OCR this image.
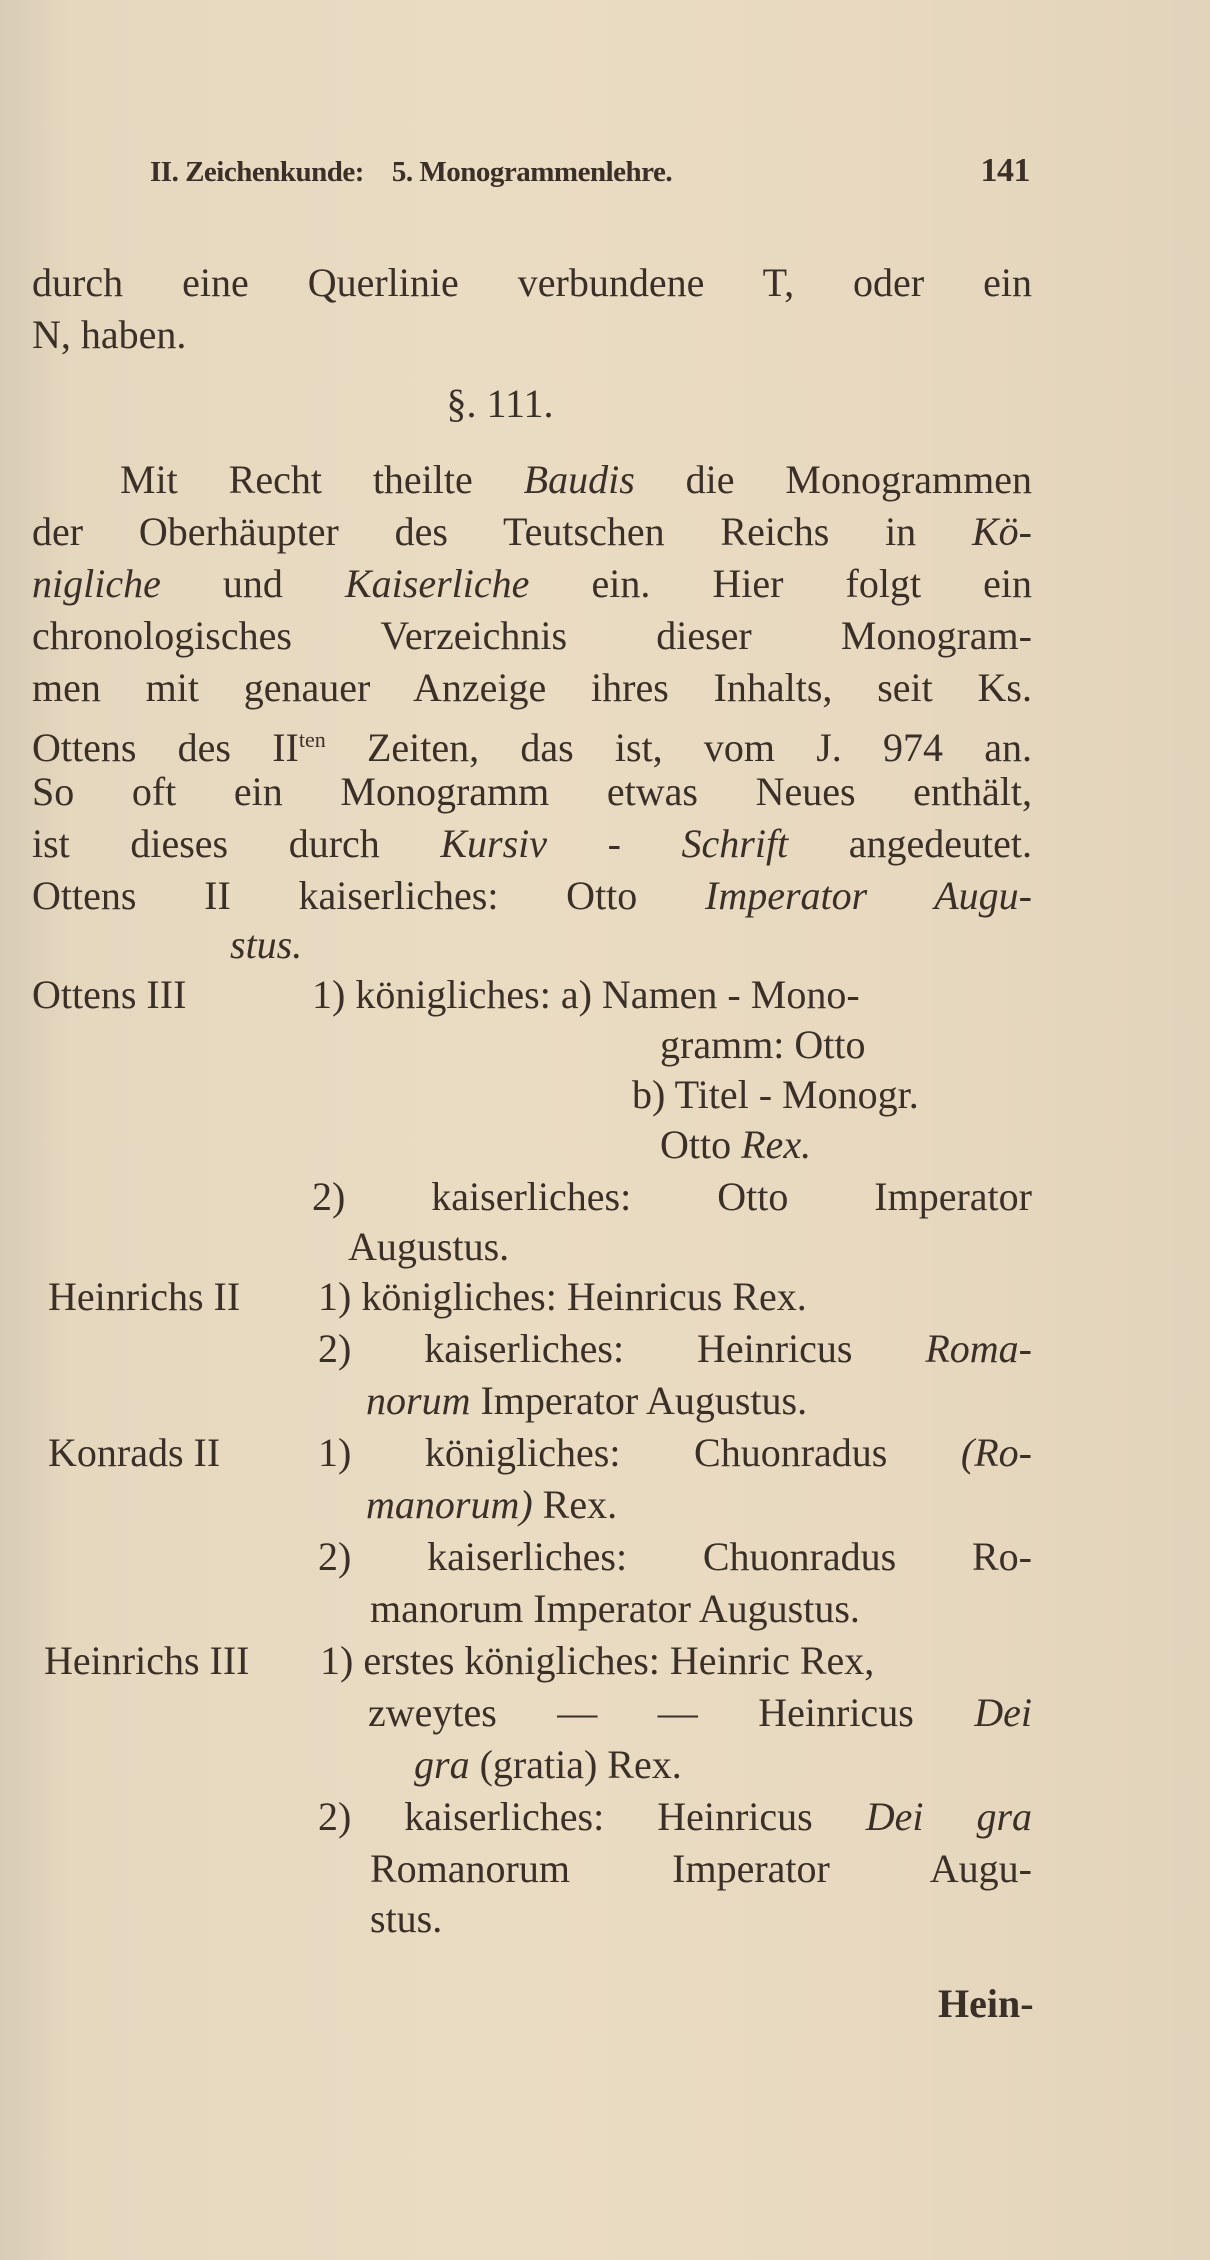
II. Zeichenkunde: 5. Monogrammenlehre.	141
durch eine Querlinie verbundene T, oder ein
N, haben.
§. 111.
Mit Recht theilte Baudis die Monogrammen
der Oberhäupter des Teutschen Reichs in Kö-
nigliche und Kaiserliche ein. Hier folgt ein
chronologisches Verzeichnis dieser Monogram-
men mit genauer Anzeige ihres Inhalts, seit Ks.
Ottens des $II^{ten}$ Zeiten, das ist, vom J. 974 an.
So oft ein Monogramm etwas Neues enthält,
ist dieses durch Kursiv - Schrift angedeutet.
Ottens II kaiserliches: Otto Imperator Augu-
stus.
Ottens III	1) königliches: a) Namen - Mono-
gramm: Otto
b) Titel - Monogr.
Otto Rex.
2) kaiserliches: Otto Imperator
Augustus.
Heinrichs II 1) königliches: Heinricus Rex.
2) kaiserliches: Heinricus Roma-
norum Imperator Augustus.
Konrads II 1) königliches: Chuonradus (Ro-
manorum) Rex.
2) kaiserliches: Chuonradus Ro-
manorum Imperator Augustus.
Heinrichs III 1) erstes königliches: Heinric Rex,
zweytes — — Heinricus Dei
gra (gratia) Rex.
2) kaiserliches: Heinricus Dei gra
Romanorum Imperator Augu-
stus.
Hein-
